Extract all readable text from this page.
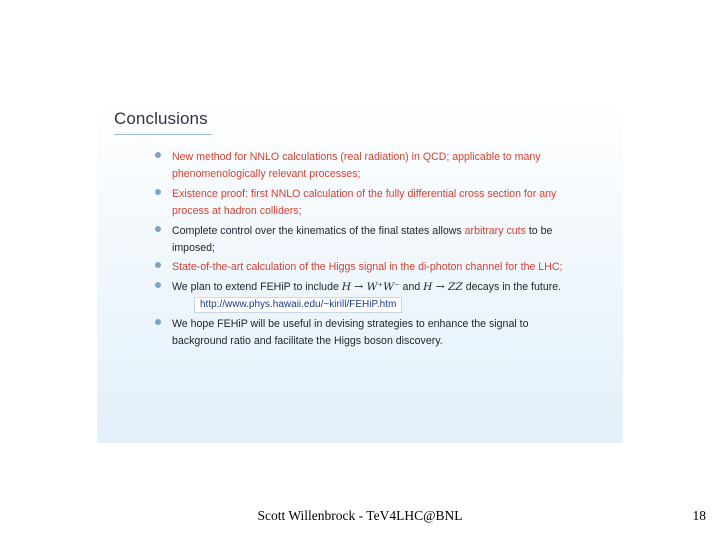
Conclusions
New method for NNLO calculations (real radiation) in QCD; applicable to many phenomenologically relevant processes;
Existence proof: first NNLO calculation of the fully differential cross section for any process at hadron colliders;
Complete control over the kinematics of the final states allows arbitrary cuts to be imposed;
State-of-the-art calculation of the Higgs signal in the di-photon channel for the LHC;
We plan to extend FEHiP to include H → W⁺W⁻ and H → ZZ decays in the future.http://www.phys.hawaii.edu/~kirill/FEHiP.htm
We hope FEHiP will be useful in devising strategies to enhance the signal to background ratio and facilitate the Higgs boson discovery.
Scott Willenbrock - TeV4LHC@BNL	18
